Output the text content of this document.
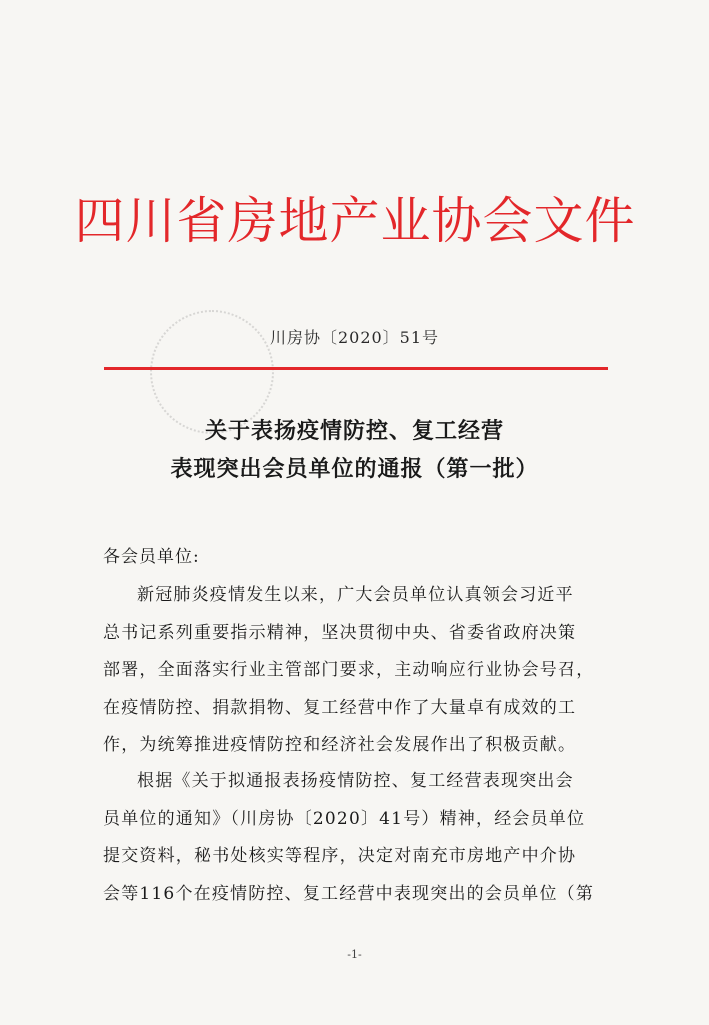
四川省房地产业协会文件
川房协〔2020〕51号
关于表扬疫情防控、复工经营
表现突出会员单位的通报（第一批）
各会员单位:
新冠肺炎疫情发生以来，广大会员单位认真领会习近平
总书记系列重要指示精神，坚决贯彻中央、省委省政府决策
部署，全面落实行业主管部门要求，主动响应行业协会号召，
在疫情防控、捐款捐物、复工经营中作了大量卓有成效的工
作，为统筹推进疫情防控和经济社会发展作出了积极贡献。
根据《关于拟通报表扬疫情防控、复工经营表现突出会
员单位的通知》（川房协〔2020〕41号）精神，经会员单位
提交资料，秘书处核实等程序，决定对南充市房地产中介协
会等116个在疫情防控、复工经营中表现突出的会员单位（第
-1-
